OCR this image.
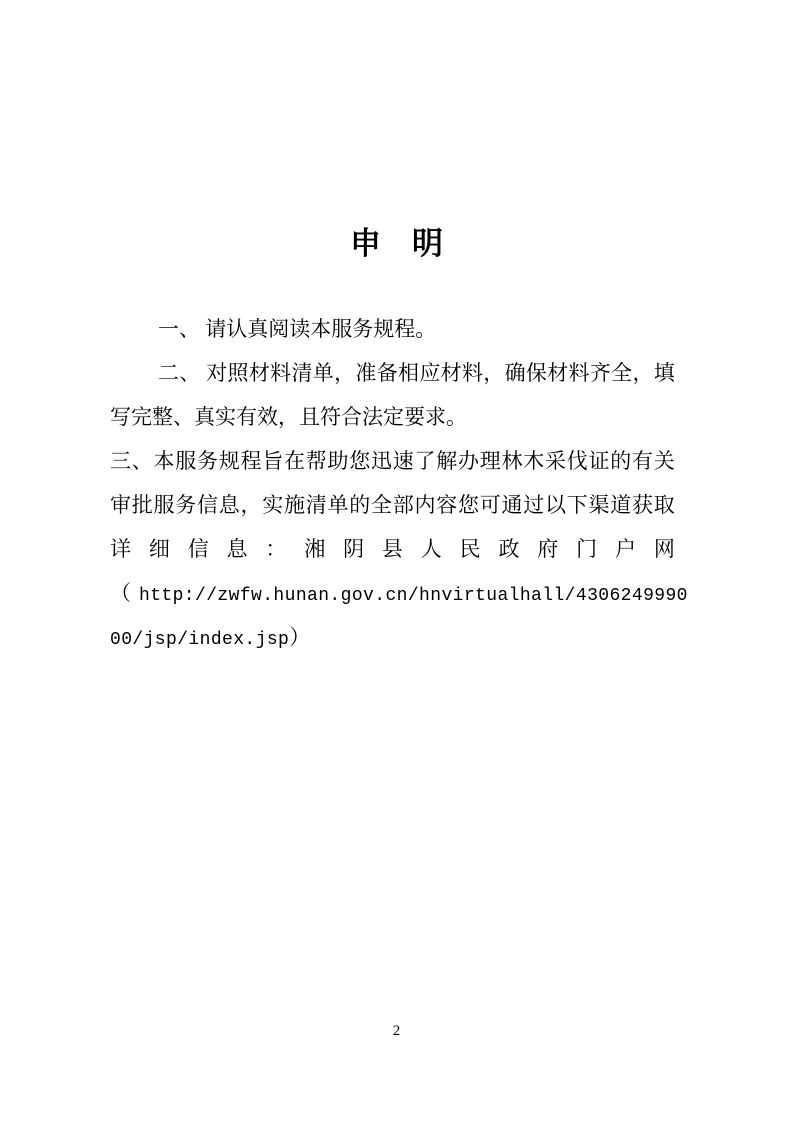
申　明

一、 请认真阅读本服务规程。

二 、
对 照 材 料 清 单 ， 准 备 相 应 材 料 ， 确 保 材 料 齐 全 ， 填

写完整、真实有效，且符合法定要求。

三 、 本 服 务 规 程 旨 在 帮 助 您 迅 速 了 解 办 理 林 木 采 伐 证 的 有 关

审 批 服 务 信 息 ， 实 施 清 单 的 全 部 内 容 您 可 通 过 以 下 渠 道 获 取

详 细 信 息 ： 湘 阴 县 人 民 政 府 门 户 网

（ http://zwfw.hunan.gov.cn/hnvirtualhall/4306249990

00/jsp/index.jsp）

2
